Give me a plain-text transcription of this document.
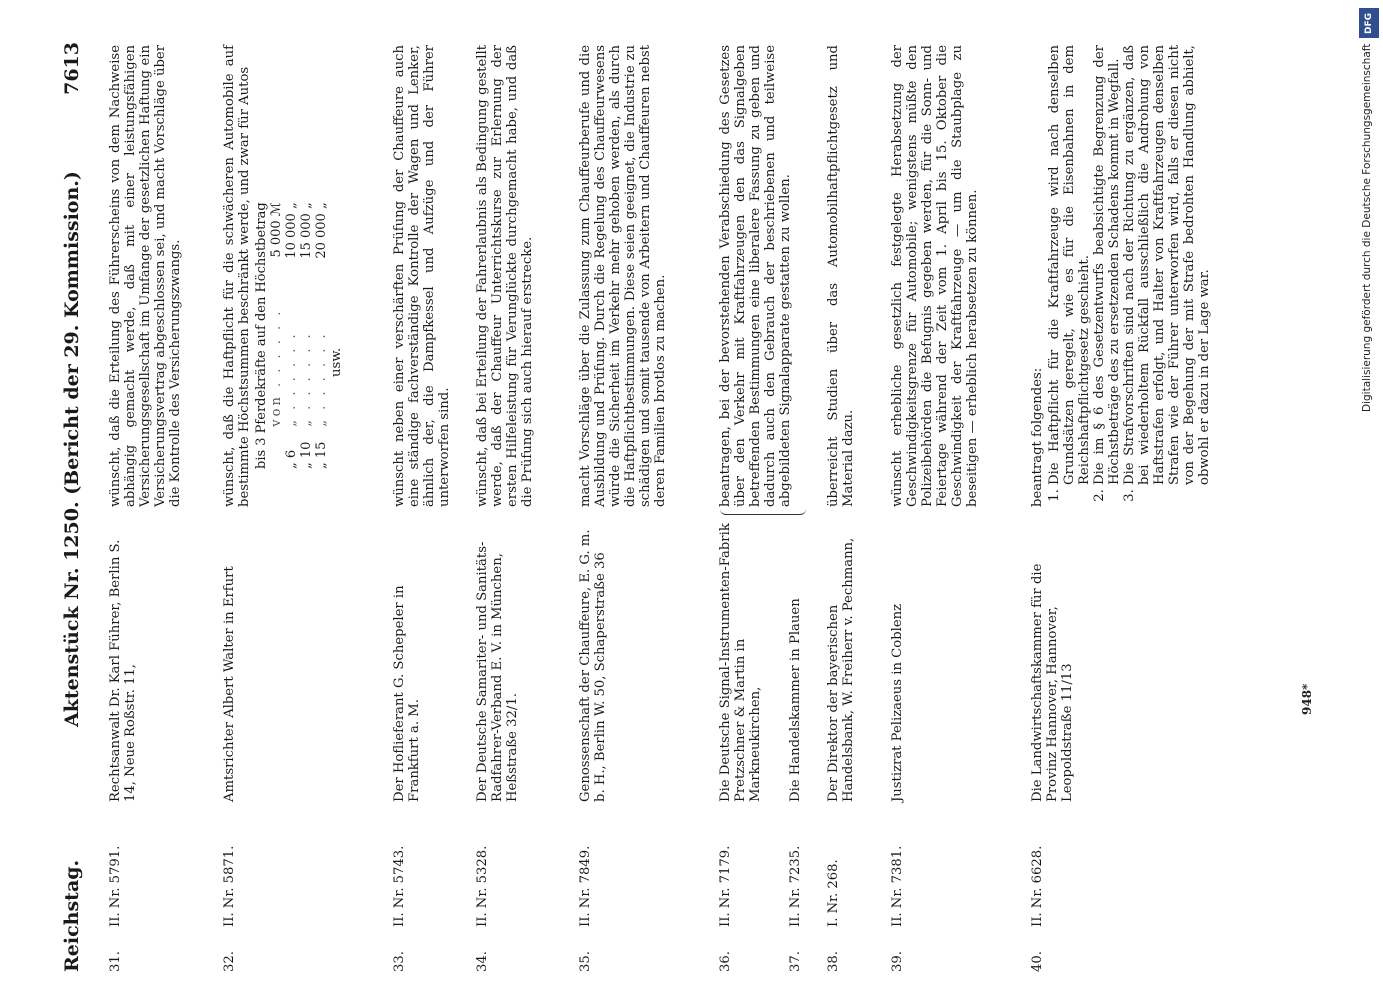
Reichstag.
Aktenstück Nr. 1250. (Bericht der 29. Kommission.)
7613
31.
II. Nr. 5791.
Rechtsanwalt Dr. Karl Führer, Berlin S. 14, Neue Roßstr. 11,
wünscht, daß die Erteilung des Führerscheins von dem Nachweise abhängig gemacht werde, daß mit einer leistungsfähigen Versicherungsgesellschaft im Umfange der gesetzlichen Haftung ein Versicherungsvertrag abgeschlossen sei, und macht Vorschläge über die Kontrolle des Versicherungszwangs.
32.
II. Nr. 5871.
Amtsrichter Albert Walter in Erfurt
wünscht, daß die Haftpflicht für die schwächeren Automobile auf bestimmte Höchstsummen beschränkt werde, und zwar für Autos bis 3 Pferdekräfte auf den Höchstbetrag		
	von . . . . . .	5 000 ℳ
„ 6	„ . . . . . .	10 000 „
„ 10	„ . . . . . .	15 000 „
„ 15	„ . . . . . .	20 000 „
usw.
33.
II. Nr. 5743.
Der Hoflieferant G. Schepeler in Frankfurt a. M.
wünscht neben einer verschärften Prüfung der Chauffeure auch eine ständige fachverständige Kontrolle der Wagen und Lenker, ähnlich der, die Dampfkessel und Aufzüge und der Führer unterworfen sind.
34.
II. Nr. 5328.
Der Deutsche Samariter- und Sanitäts-Radfahrer-Verband E. V. in München, Heßstraße 32/1.
wünscht, daß bei Erteilung der Fahrerlaubnis als Bedingung gestellt werde, daß der Chauffeur Unterrichtskurse zur Erlernung der ersten Hilfeleistung für Verunglückte durchgemacht habe, und daß die Prüfung sich auch hierauf erstrecke.
35.
II. Nr. 7849.
Genossenschaft der Chauffeure, E. G. m. b. H., Berlin W. 50, Schaperstraße 36
macht Vorschläge über die Zulassung zum Chauffeurberufe und die Ausbildung und Prüfung. Durch die Regelung des Chauffeurwesens würde die Sicherheit im Verkehr mehr gehoben werden, als durch die Haftpflichtbestimmungen. Diese seien geeignet, die Industrie zu schädigen und somit tausende von Arbeitern und Chauffeuren nebst deren Familien brotlos zu machen.
36.
II. Nr. 7179.
Die Deutsche Signal-Instrumenten-Fabrik Pretzschner & Martin in Markneukirchen,
beantragen, bei der bevorstehenden Verabschiedung des Gesetzes über den Verkehr mit Kraftfahrzeugen den das Signalgeben betreffenden Bestimmungen eine liberalere Fassung zu geben und dadurch auch den Gebrauch der beschriebenen und teilweise abgebildeten Signalapparate gestatten zu wollen.
37.
II. Nr. 7235.
Die Handelskammer in Plauen
38.
I. Nr. 268.
Der Direktor der bayerischen Handelsbank, W. Freiherr v. Pechmann,
überreicht Studien über das Automobilhaftpflichtgesetz und Material dazu.
39.
II. Nr. 7381.
Justizrat Pelizaeus in Coblenz
wünscht erhebliche gesetzlich festgelegte Herabsetzung der Geschwindigkeitsgrenze für Automobile; wenigstens müßte den Polizeibehörden die Befugnis gegeben werden, für die Sonn- und Feiertage während der Zeit vom 1. April bis 15. Oktober die Geschwindigkeit der Kraftfahrzeuge — um die Staubplage zu beseitigen — erheblich herabsetzen zu können.
40.
II. Nr. 6628.
Die Landwirtschaftskammer für die Provinz Hannover, Hannover, Leopoldstraße 11/13
beantragt folgendes: 1. Die Haftpflicht für die Kraftfahrzeuge wird nach denselben Grundsätzen geregelt, wie es für die Eisenbahnen in dem Reichshaftpflichtgesetz geschieht. 2. Die im § 6 des Gesetzentwurfs beabsichtigte Begrenzung der Höchstbeträge des zu ersetzenden Schadens kommt in Wegfall. 3. Die Strafvorschriften sind nach der Richtung zu ergänzen, daß bei wiederholtem Rückfall ausschließlich die Androhung von Haftstrafen erfolgt, und Halter von Kraftfahrzeugen denselben Strafen wie der Führer unterworfen wird, falls er diesen nicht von der Begehung der mit Strafe bedrohten Handlung abhielt, obwohl er dazu in der Lage war.
948*
DFG
Digitalisierung gefördert durch die Deutsche Forschungsgemeinschaft
